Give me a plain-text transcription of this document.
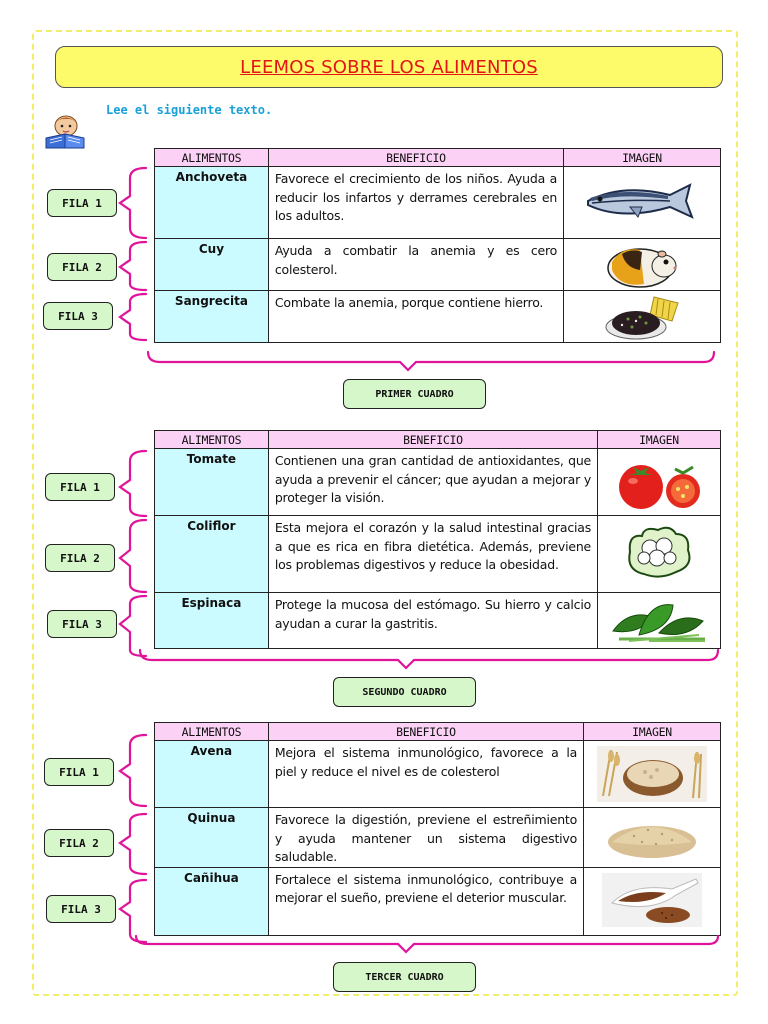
LEEMOS SOBRE LOS ALIMENTOS
Lee el siguiente texto.
ALIMENTOS	BENEFICIO	IMAGEN
Anchoveta	Favorece el crecimiento de los niños. Ayuda a reducir los infartos y derrames cerebrales en los adultos.	

Cuy	Ayuda a combatir la anemia y es cero colesterol.	

Sangrecita	Combate la anemia, porque contiene hierro.	
ALIMENTOS	BENEFICIO	IMAGEN
Tomate	Contienen una gran cantidad de antioxidantes, que ayuda a prevenir el cáncer; que ayudan a mejorar y proteger la visión.	

Coliflor	Esta mejora el corazón y la salud intestinal gracias a que es rica en fibra dietética. Además, previene los problemas digestivos y reduce la obesidad.	

Espinaca	Protege la mucosa del estómago. Su hierro y calcio ayudan a curar la gastritis.	
ALIMENTOS	BENEFICIO	IMAGEN
Avena	Mejora el sistema inmunológico, favorece a la piel y reduce el nivel es de colesterol	

Quinua	Favorece la digestión, previene el estreñimiento y ayuda mantener un sistema digestivo saludable.	

Cañihua	Fortalece el sistema inmunológico, contribuye a mejorar el sueño, previene el deterior muscular.	
FILA 1
FILA 2
FILA 3
FILA 1
FILA 2
FILA 3
FILA 1
FILA 2
FILA 3
PRIMER CUADRO
SEGUNDO CUADRO
TERCER CUADRO
